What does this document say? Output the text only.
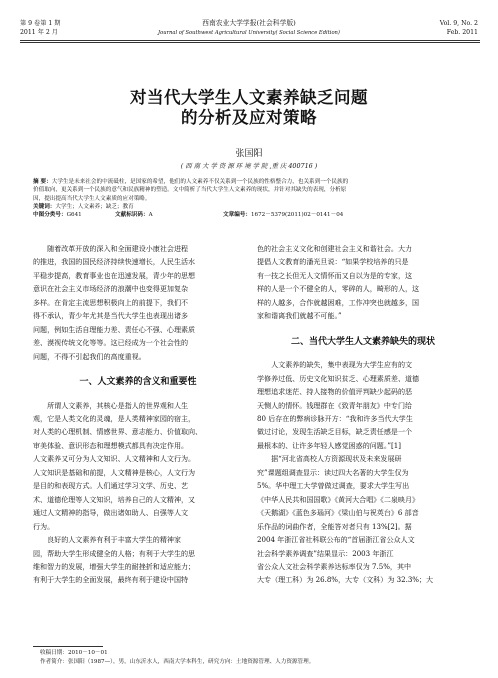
第 9 卷第 1 期
2011 年 2 月
西南农业大学学报(社会科学版)
Journal of Southwest Agricultural University( Social Science Edition)
Vol. 9, No. 2
Feb. 2011
对当代大学生人文素养缺乏问题
的分析及应对策略
张国阳
( 西 南 大 学 资 源 环 境 学 院 ,重 庆 400716 )
摘 要：大学生是未来社会的中流砥柱，是国家的希望，他们的人文素养不仅关系到一个民族的性格整合力，也关系到一个民族的
价值取向，更关系到一个民族的意气和民族精神的塑造。文中简析了当代大学生人文素养的现状，并针对其缺失的表现，分析原
因，提出提高当代大学生人文素质的应对策略。
关键词：大学生；人文素养；缺乏；教育
中图分类号：G641	文献标识码：A	文章编号：1672－5379(2011)02－0141－04
随着改革开放的深入和全面建设小康社会进程
的推进，我国的国民经济持续快速增长，人民生活水
平稳步提高，教育事业也在迅速发展，青少年的思想
意识在社会主义市场经济的浪潮中也变得更加复杂
多样。在肯定主流思想积极向上的前提下，我们不
得不承认，青少年尤其是当代大学生也表现出诸多
问题，例如生活自理能力差、责任心不强、心理素质
差、漠视传统文化等等。这已经成为一个社会性的
问题，不得不引起我们的高度重视。
一、人文素养的含义和重要性
所谓人文素养，其核心是指人的世界观和人生
观，它是人类文化的灵魂，是人类精神家园的宿主，
对人类的心理机制、情感世界、意志能力、价值取向、
审美体验、意识形态和理想模式都具有决定作用。
人文素养又可分为人文知识、人文精神和人文行为。
人文知识是基础和前提，人文精神是核心，人文行为
是目的和表现方式。人们通过学习文学、历史、艺
术、道德伦理等人文知识，培养自己的人文精神，又
通过人文精神的指导，做出诸如助人、自强等人文
行为。
良好的人文素养有利于丰富大学生的精神家
园，帮助大学生形成健全的人格；有利于大学生的思
维和智力的发展，增强大学生的耐挫折和适应能力；
有利于大学生的全面发展，最终有利于建设中国特
色的社会主义文化和创建社会主义和谐社会。大力
提倡人文教育的潘光旦说：“如果学校培养的只是
有一技之长但无人文情怀而又自以为是的专家，这
样的人是一个不健全的人，零碎的人，畸形的人，这
样的人越多，合作就越困难，工作冲突也就越多，国
家和谐离我们就越不可能。”
二、当代大学生人文素养缺失的现状
人文素养的缺失，集中表现为大学生应有的文
学修养过低、历史文化知识贫乏、心理素质差、道德
理想追求迷茫、持人接物的价值评判缺少起码的恶
天恻人的情怀。钱理群在《致青年朋友》中专门给
80 后存在的弊病诊脉开方：“我和许多当代大学生
做过讨论，发现生活缺乏目标，缺乏责任感是一个
最根本的、让许多年轻人感觉困惑的问题。”[1]
据“河北省高校人方资源现状及未来发展研
究”课题组调查显示：读过四大名著的大学生仅为
5%。华中理工大学曾做过调查，要求大学生写出
《中华人民共和国国歌》《黄河大合唱》《二泉映月》
《天鹅湖》《蓝色多瑙河》《梁山伯与祝英台》6 部音
乐作品的词曲作者，全能答对者只有 13%[2]。据
2004 年浙江省社科联公布的“首届浙江省公众人文
社会科学素养调查”结果显示：2003 年浙江
省公众人文社会科学素养达标率仅为 7.5%，其中
大专（理工科）为 26.8%，大专（文科）为 32.3%；大
收稿日期：2010－10－01
作者简介：张国阳（1987—），男，山东沂水人，西南大学本科生，研究方向：土地资源管理、人力资源管理。
